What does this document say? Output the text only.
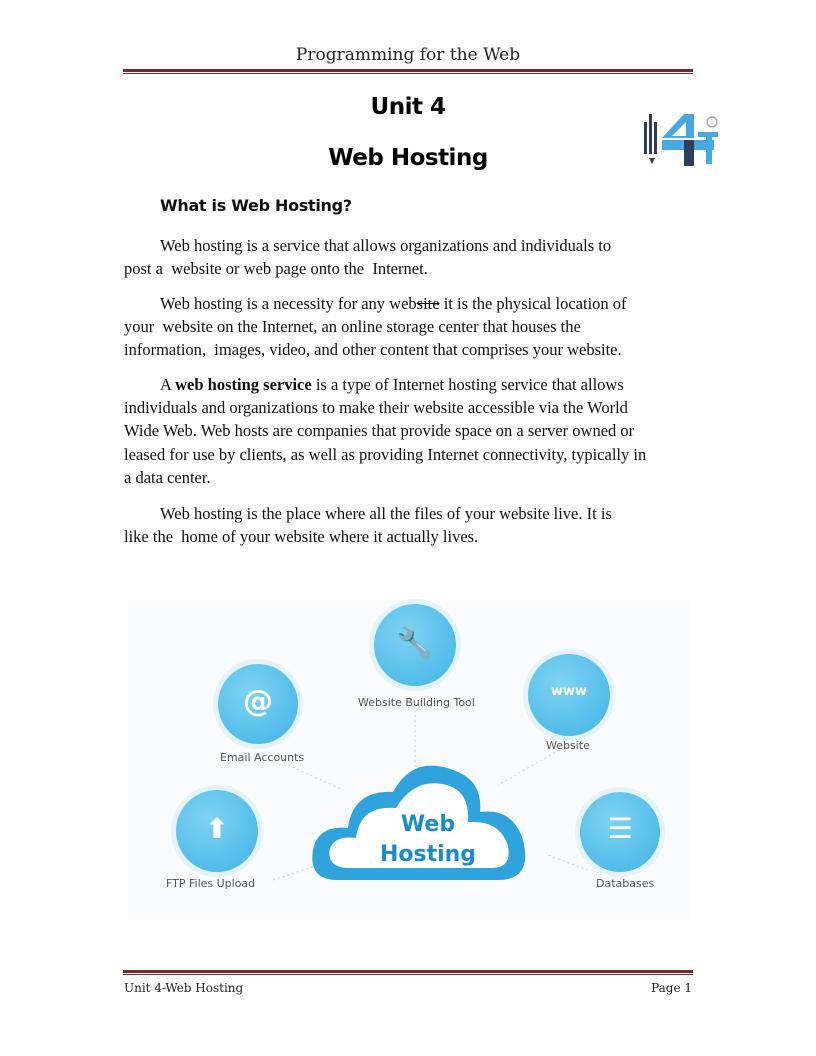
Programming for the Web
Unit 4
Web Hosting
What is Web Hosting?
Web hosting is a service that allows organizations and individuals to
post a  website or web page onto the  Internet.
Web hosting is a necessity for any website it is the physical location of
your  website on the Internet, an online storage center that houses the
information,  images, video, and other content that comprises your website.
A web hosting service is a type of Internet hosting service that allows
individuals and organizations to make their website accessible via the World
Wide Web. Web hosts are companies that provide space on a server owned or
leased for use by clients, as well as providing Internet connectivity, typically in
a data center.
Web hosting is the place where all the files of your website live. It is
like the  home of your website where it actually lives.
Web
Hosting
🔧
Website Building Tool
www
Website
@
Email Accounts
⬆
FTP Files Upload
☰
Databases
Unit 4-Web Hosting	Page 1
